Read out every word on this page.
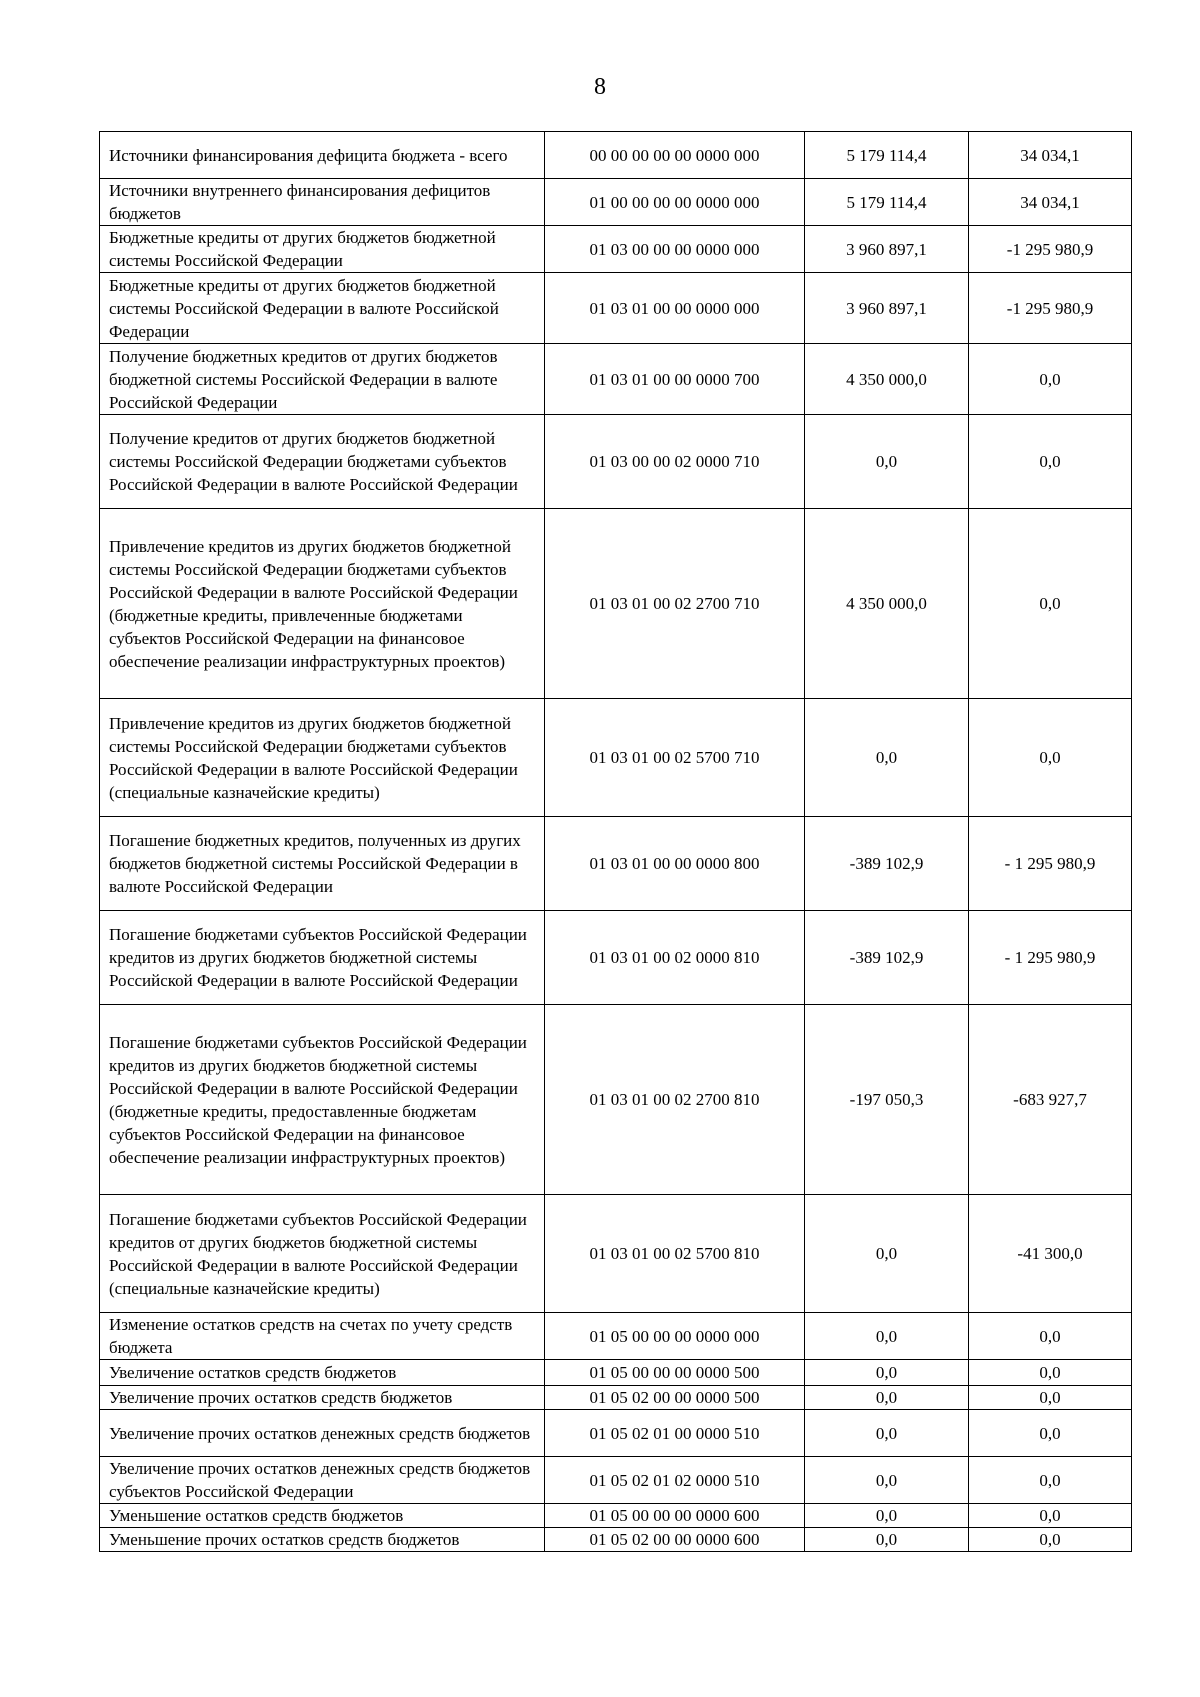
8
Источники финансирования дефицита бюджета - всего	00 00 00 00 00 0000 000	5 179 114,4	34 034,1
Источники внутреннего финансирования дефицитов бюджетов	01 00 00 00 00 0000 000	5 179 114,4	34 034,1
Бюджетные кредиты от других бюджетов бюджетной системы Российской Федерации	01 03 00 00 00 0000 000	3 960 897,1	-1 295 980,9
Бюджетные кредиты от других бюджетов бюджетной системы Российской Федерации в валюте Российской Федерации	01 03 01 00 00 0000 000	3 960 897,1	-1 295 980,9
Получение бюджетных кредитов от других бюджетов бюджетной системы Российской Федерации в валюте Российской Федерации	01 03 01 00 00 0000 700	4 350 000,0	0,0
Получение кредитов от других бюджетов бюджетной системы Российской Федерации бюджетами субъектов Российской Федерации в валюте Российской Федерации	01 03 00 00 02 0000 710	0,0	0,0
Привлечение кредитов из других бюджетов бюджетной системы Российской Федерации бюджетами субъектов Российской Федерации в валюте Российской Федерации (бюджетные кредиты, привлеченные бюджетами субъектов Российской Федерации на финансовое обеспечение реализации инфраструктурных проектов)	01 03 01 00 02 2700 710	4 350 000,0	0,0
Привлечение кредитов из других бюджетов бюджетной системы Российской Федерации бюджетами субъектов Российской Федерации в валюте Российской Федерации (специальные казначейские кредиты)	01 03 01 00 02 5700 710	0,0	0,0
Погашение бюджетных кредитов, полученных из других бюджетов бюджетной системы Российской Федерации в валюте Российской Федерации	01 03 01 00 00 0000 800	-389 102,9	- 1 295 980,9
Погашение бюджетами субъектов Российской Федерации кредитов из других бюджетов бюджетной системы Российской Федерации в валюте Российской Федерации	01 03 01 00 02 0000 810	-389 102,9	- 1 295 980,9
Погашение бюджетами субъектов Российской Федерации кредитов из других бюджетов бюджетной системы Российской Федерации в валюте Российской Федерации (бюджетные кредиты, предоставленные бюджетам субъектов Российской Федерации на финансовое обеспечение реализации инфраструктурных проектов)	01 03 01 00 02 2700 810	-197 050,3	-683 927,7
Погашение бюджетами субъектов Российской Федерации кредитов от других бюджетов бюджетной системы Российской Федерации в валюте Российской Федерации (специальные казначейские кредиты)	01 03 01 00 02 5700 810	0,0	-41 300,0
Изменение остатков средств на счетах по учету средств бюджета	01 05 00 00 00 0000 000	0,0	0,0
Увеличение остатков средств бюджетов	01 05 00 00 00 0000 500	0,0	0,0
Увеличение прочих остатков средств бюджетов	01 05 02 00 00 0000 500	0,0	0,0
Увеличение прочих остатков денежных средств бюджетов	01 05 02 01 00 0000 510	0,0	0,0
Увеличение прочих остатков денежных средств бюджетов субъектов Российской Федерации	01 05 02 01 02 0000 510	0,0	0,0
Уменьшение остатков средств бюджетов	01 05 00 00 00 0000 600	0,0	0,0
Уменьшение прочих остатков средств бюджетов	01 05 02 00 00 0000 600	0,0	0,0
